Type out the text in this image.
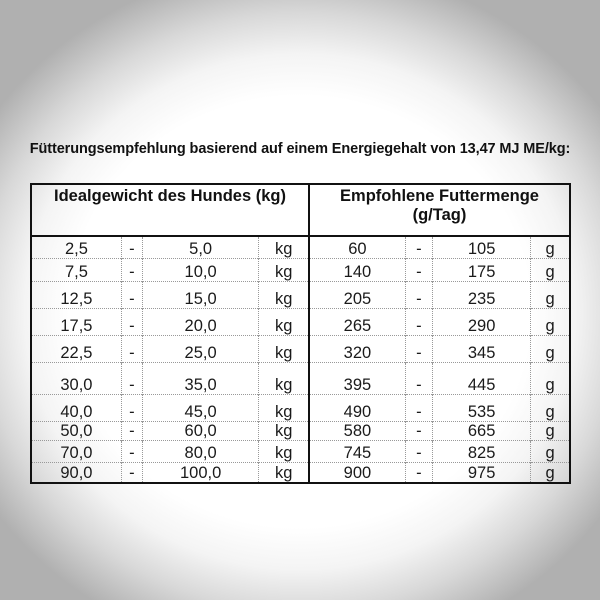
Fütterungsempfehlung basierend auf einem Energiegehalt von 13,47 MJ ME/kg:
Idealgewicht des Hundes (kg)				Empfohlene Futtermenge
(g/Tag)			

2,5	-	5,0	kg	60	-	105	g
7,5	-	10,0	kg	140	-	175	g
12,5	-	15,0	kg	205	-	235	g
17,5	-	20,0	kg	265	-	290	g
22,5	-	25,0	kg	320	-	345	g
30,0	-	35,0	kg	395	-	445	g
40,0	-	45,0	kg	490	-	535	g
50,0	-	60,0	kg	580	-	665	g
70,0	-	80,0	kg	745	-	825	g
90,0	-	100,0	kg	900	-	975	g
